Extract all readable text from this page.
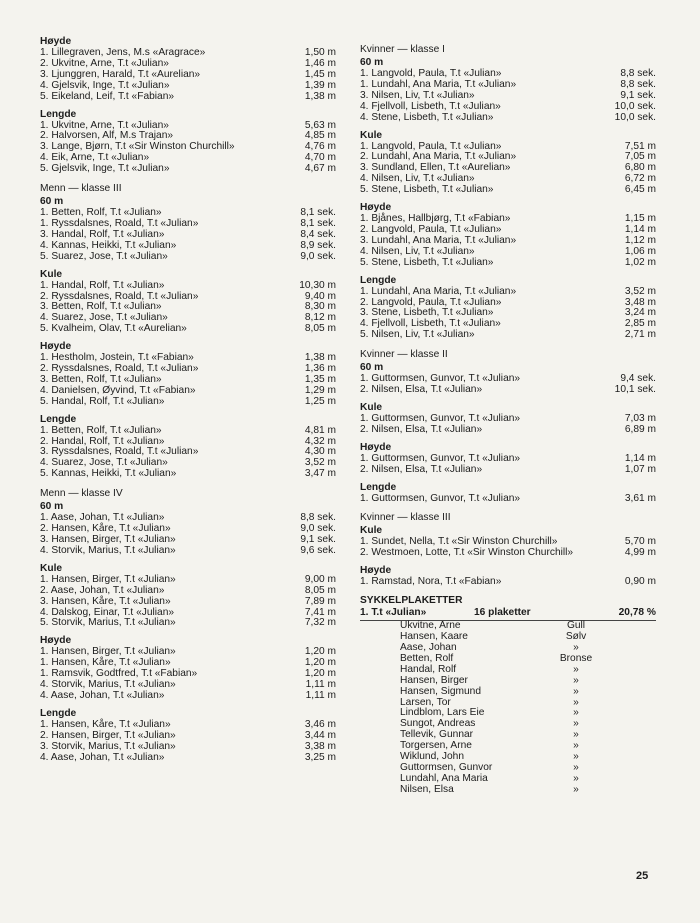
Høyde
1. Lillegraven, Jens, M.s «Aragrace»	1,50 m
2. Ukvitne, Arne, T.t «Julian»	1,46 m
3. Ljunggren, Harald, T.t «Aurelian»	1,45 m
4. Gjelsvik, Inge, T.t «Julian»	1,39 m
5. Eikeland, Leif, T.t «Fabian»	1,38 m
Lengde
1. Ukvitne, Arne, T.t «Julian»	5,63 m
2. Halvorsen, Alf, M.s Trajan»	4,85 m
3. Lange, Bjørn, T.t «Sir Winston Churchill»	4,76 m
4. Eik, Arne, T.t «Julian»	4,70 m
5. Gjelsvik, Inge, T.t «Julian»	4,67 m
Menn — klasse III
60 m
1. Betten, Rolf, T.t «Julian»	8,1 sek.
1. Ryssdalsnes, Roald, T.t «Julian»	8,1 sek.
3. Handal, Rolf, T.t «Julian»	8,4 sek.
4. Kannas, Heikki, T.t «Julian»	8,9 sek.
5. Suarez, Jose, T.t «Julian»	9,0 sek.
Kule
1. Handal, Rolf, T.t «Julian»	10,30 m
2. Ryssdalsnes, Roald, T.t «Julian»	9,40 m
3. Betten, Rolf, T.t «Julian»	8,30 m
4. Suarez, Jose, T.t «Julian»	8,12 m
5. Kvalheim, Olav, T.t «Aurelian»	8,05 m
Høyde
1. Hestholm, Jostein, T.t «Fabian»	1,38 m
2. Ryssdalsnes, Roald, T.t «Julian»	1,36 m
3. Betten, Rolf, T.t «Julian»	1,35 m
4. Danielsen, Øyvind, T.t «Fabian»	1,29 m
5. Handal, Rolf, T.t «Julian»	1,25 m
Lengde
1. Betten, Rolf, T.t «Julian»	4,81 m
2. Handal, Rolf, T.t «Julian»	4,32 m
3. Ryssdalsnes, Roald, T.t «Julian»	4,30 m
4. Suarez, Jose, T.t «Julian»	3,52 m
5. Kannas, Heikki, T.t «Julian»	3,47 m
Menn — klasse IV
60 m
1. Aase, Johan, T.t «Julian»	8,8 sek.
2. Hansen, Kåre, T.t «Julian»	9,0 sek.
3. Hansen, Birger, T.t «Julian»	9,1 sek.
4. Storvik, Marius, T.t «Julian»	9,6 sek.
Kule
1. Hansen, Birger, T.t «Julian»	9,00 m
2. Aase, Johan, T.t «Julian»	8,05 m
3. Hansen, Kåre, T.t «Julian»	7,89 m
4. Dalskog, Einar, T.t «Julian»	7,41 m
5. Storvik, Marius, T.t «Julian»	7,32 m
Høyde
1. Hansen, Birger, T.t «Julian»	1,20 m
1. Hansen, Kåre, T.t «Julian»	1,20 m
1. Ramsvik, Godtfred, T.t «Fabian»	1,20 m
4. Storvik, Marius, T.t «Julian»	1,11 m
4. Aase, Johan, T.t «Julian»	1,11 m
Lengde
1. Hansen, Kåre, T.t «Julian»	3,46 m
2. Hansen, Birger, T.t «Julian»	3,44 m
3. Storvik, Marius, T.t «Julian»	3,38 m
4. Aase, Johan, T.t «Julian»	3,25 m
Kvinner — klasse I
60 m
1. Langvold, Paula, T.t «Julian»	8,8 sek.
1. Lundahl, Ana Maria, T.t «Julian»	8,8 sek.
3. Nilsen, Liv, T.t «Julian»	9,1 sek.
4. Fjellvoll, Lisbeth, T.t «Julian»	10,0 sek.
4. Stene, Lisbeth, T.t «Julian»	10,0 sek.
Kule
1. Langvold, Paula, T.t «Julian»	7,51 m
2. Lundahl, Ana Maria, T.t «Julian»	7,05 m
3. Sundland, Ellen, T.t «Aurelian»	6,80 m
4. Nilsen, Liv, T.t «Julian»	6,72 m
5. Stene, Lisbeth, T.t «Julian»	6,45 m
Høyde
1. Bjånes, Hallbjørg, T.t «Fabian»	1,15 m
2. Langvold, Paula, T.t «Julian»	1,14 m
3. Lundahl, Ana Maria, T.t «Julian»	1,12 m
4. Nilsen, Liv, T.t «Julian»	1,06 m
5. Stene, Lisbeth, T.t «Julian»	1,02 m
Lengde
1. Lundahl, Ana Maria, T.t «Julian»	3,52 m
2. Langvold, Paula, T.t «Julian»	3,48 m
3. Stene, Lisbeth, T.t «Julian»	3,24 m
4. Fjellvoll, Lisbeth, T.t «Julian»	2,85 m
5. Nilsen, Liv, T.t «Julian»	2,71 m
Kvinner — klasse II
60 m
1. Guttormsen, Gunvor, T.t «Julian»	9,4 sek.
2. Nilsen, Elsa, T.t «Julian»	10,1 sek.
Kule
1. Guttormsen, Gunvor, T.t «Julian»	7,03 m
2. Nilsen, Elsa, T.t «Julian»	6,89 m
Høyde
1. Guttormsen, Gunvor, T.t «Julian»	1,14 m
2. Nilsen, Elsa, T.t «Julian»	1,07 m
Lengde
1. Guttormsen, Gunvor, T.t «Julian»	3,61 m
Kvinner — klasse III
Kule
1. Sundet, Nella, T.t «Sir Winston Churchill»	5,70 m
2. Westmoen, Lotte, T.t «Sir Winston Churchill»	4,99 m
Høyde
1. Ramstad, Nora, T.t «Fabian»	0,90 m
SYKKELPLAKETTER
1. T.t «Julian»	16 plaketter	20,78 %
Ukvitne, Arne	Gull
Hansen, Kaare	Sølv
Aase, Johan	»
Betten, Rolf	Bronse
Handal, Rolf	»
Hansen, Birger	»
Hansen, Sigmund	»
Larsen, Tor	»
Lindblom, Lars Eie	»
Sungot, Andreas	»
Tellevik, Gunnar	»
Torgersen, Arne	»
Wiklund, John	»
Guttormsen, Gunvor	»
Lundahl, Ana Maria	»
Nilsen, Elsa	»
25
